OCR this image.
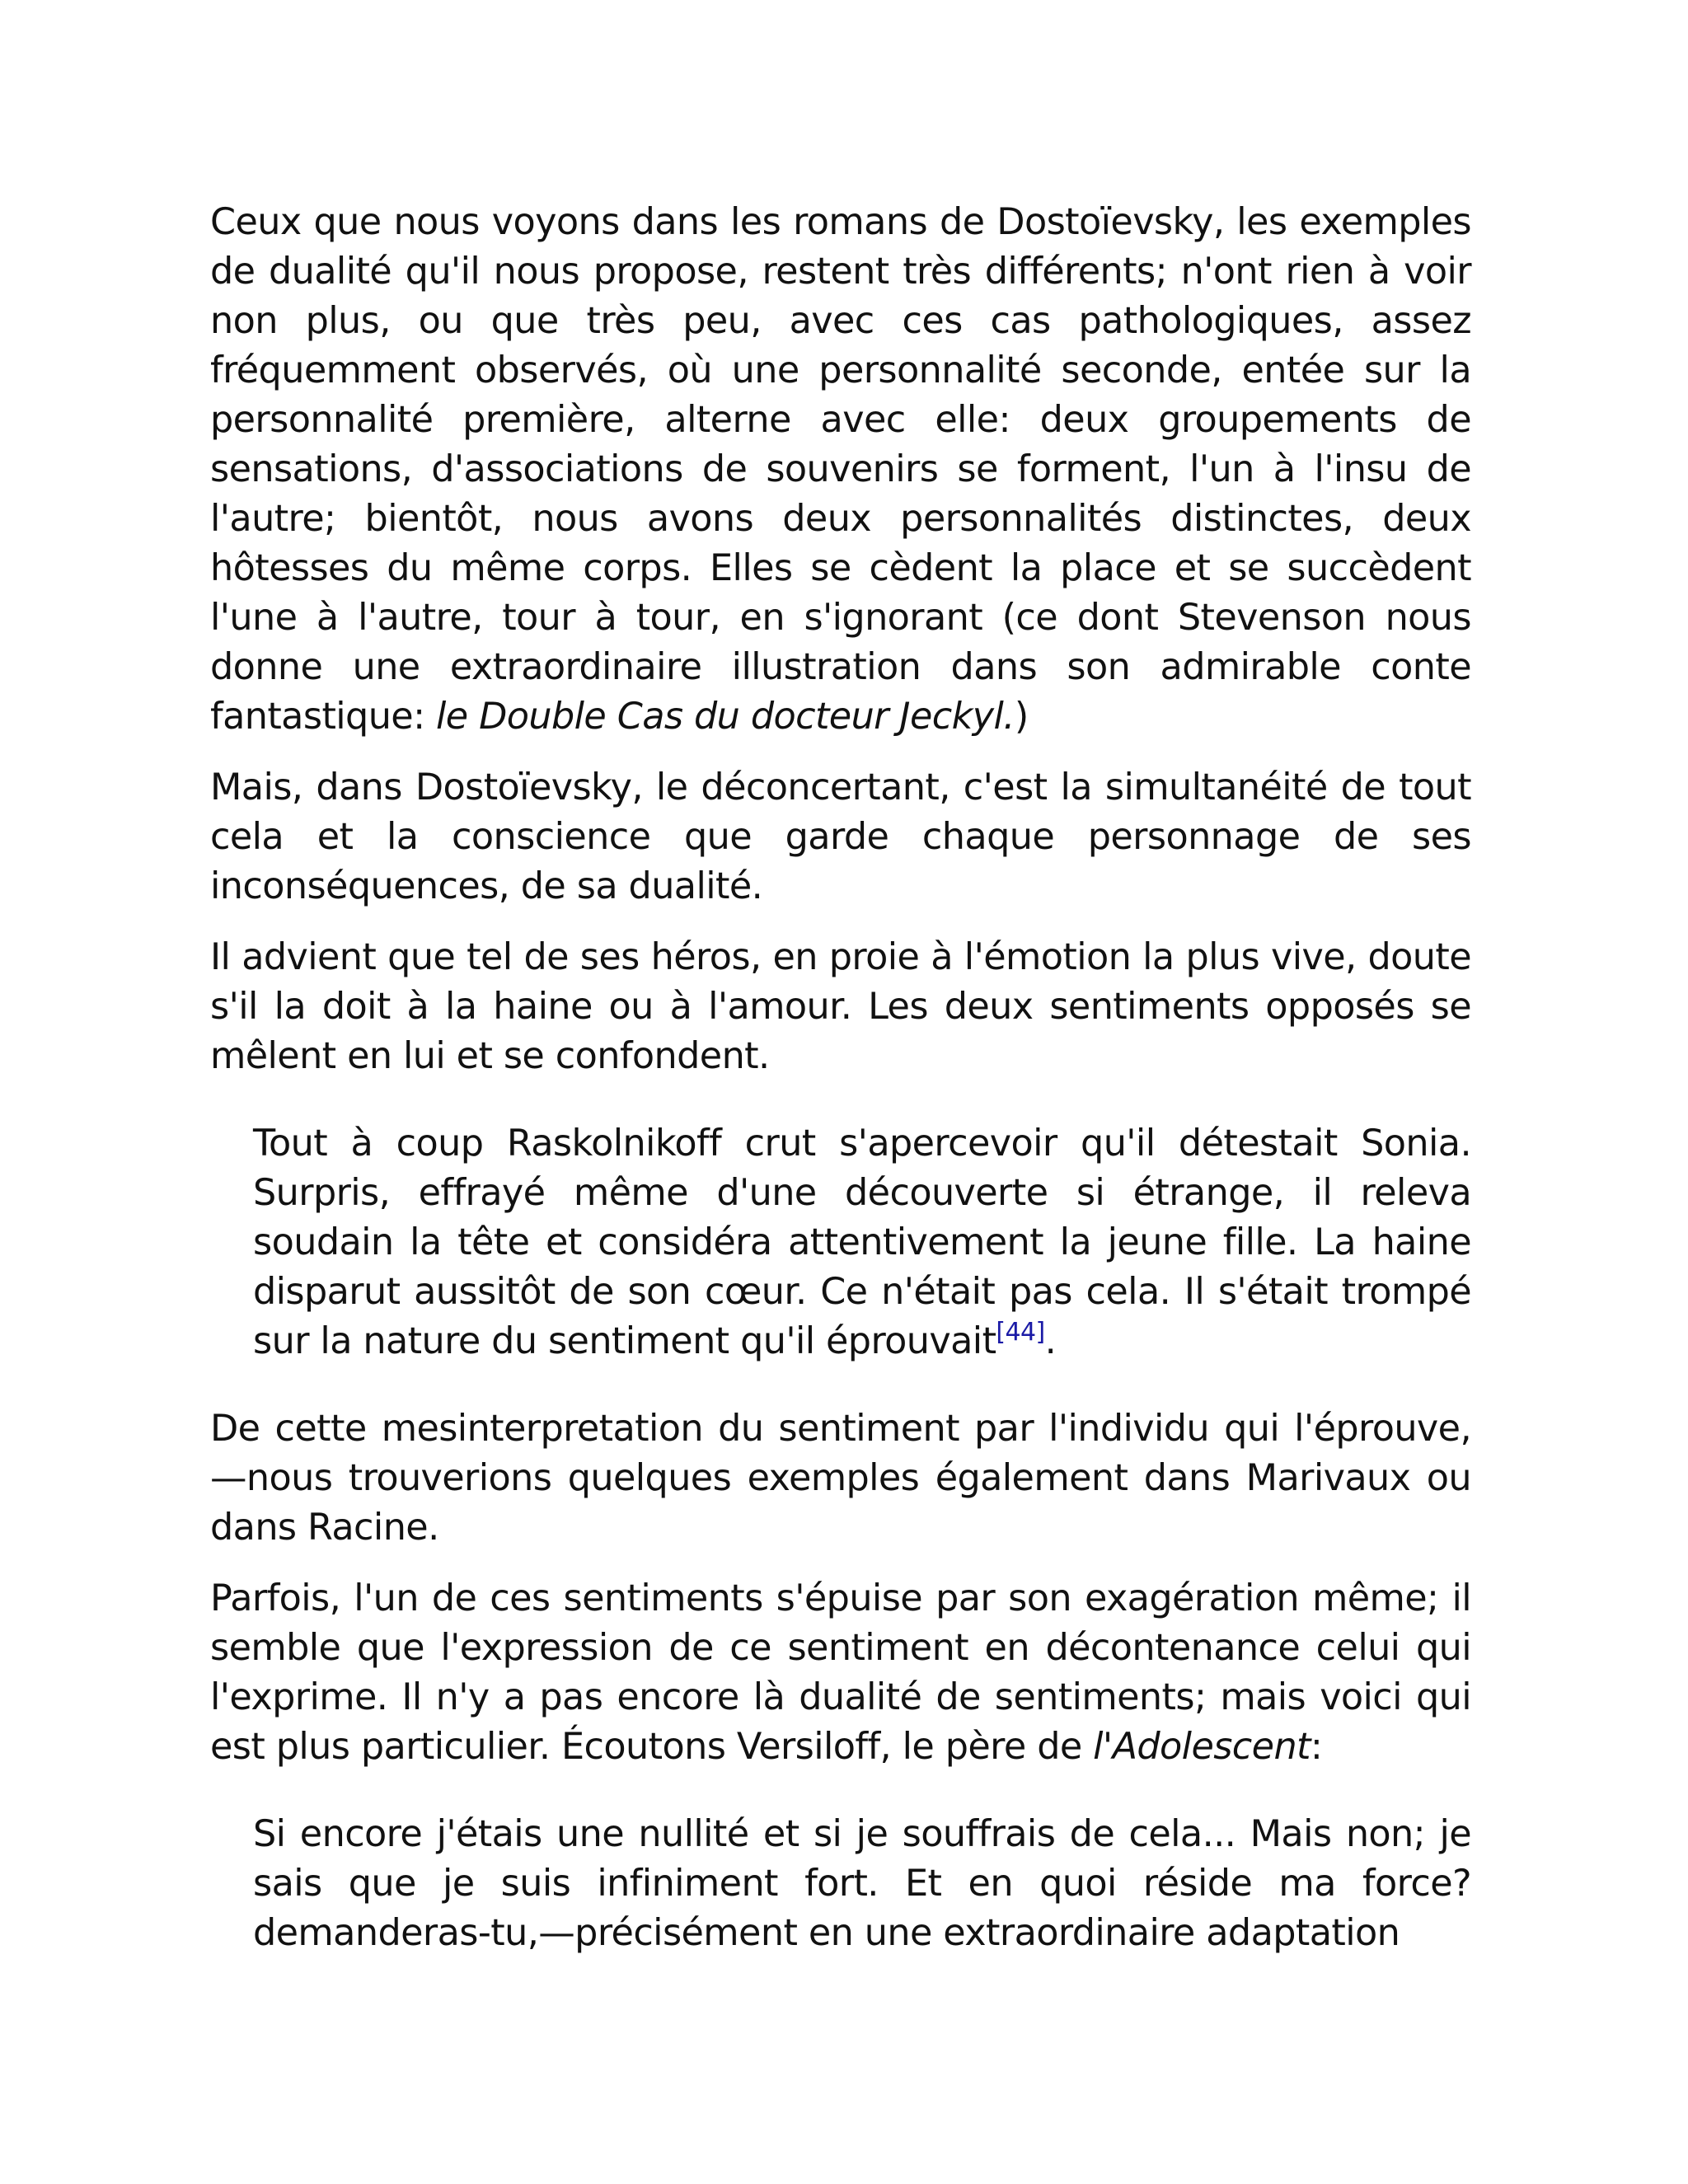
Ceux que nous voyons dans les romans de Dostoïevsky, les exemples de dualité qu'il nous propose, restent très différents; n'ont rien à voir non plus, ou que très peu, avec ces cas pathologiques, assez fréquemment observés, où une personnalité seconde, entée sur la personnalité première, alterne avec elle: deux groupements de sensations, d'associations de souvenirs se forment, l'un à l'insu de l'autre; bientôt, nous avons deux personnalités distinctes, deux hôtesses du même corps. Elles se cèdent la place et se succèdent l'une à l'autre, tour à tour, en s'ignorant (ce dont Stevenson nous donne une extraordinaire illustration dans son admirable conte fantastique: le Double Cas du docteur Jeckyl.)

Mais, dans Dostoïevsky, le déconcertant, c'est la simultanéité de tout cela et la conscience que garde chaque personnage de ses inconséquences, de sa dualité.

Il advient que tel de ses héros, en proie à l'émotion la plus vive, doute s'il la doit à la haine ou à l'amour. Les deux sentiments opposés se mêlent en lui et se confondent.

Tout à coup Raskolnikoff crut s'apercevoir qu'il détestait Sonia. Surpris, effrayé même d'une découverte si étrange, il releva soudain la tête et considéra attentivement la jeune fille. La haine disparut aussitôt de son cœur. Ce n'était pas cela. Il s'était trompé sur la nature du sentiment qu'il éprouvait[44].

De cette mesinterpretation du sentiment par l'individu qui l'éprouve,—nous trouverions quelques exemples également dans Marivaux ou dans Racine.

Parfois, l'un de ces sentiments s'épuise par son exagération même; il semble que l'expression de ce sentiment en décontenance celui qui l'exprime. Il n'y a pas encore là dualité de sentiments; mais voici qui est plus particulier. Écoutons Versiloff, le père de l'Adolescent:

Si encore j'étais une nullité et si je souffrais de cela... Mais non; je sais que je suis infiniment fort. Et en quoi réside ma force? demanderas-tu,—précisément en une extraordinaire adaptation
